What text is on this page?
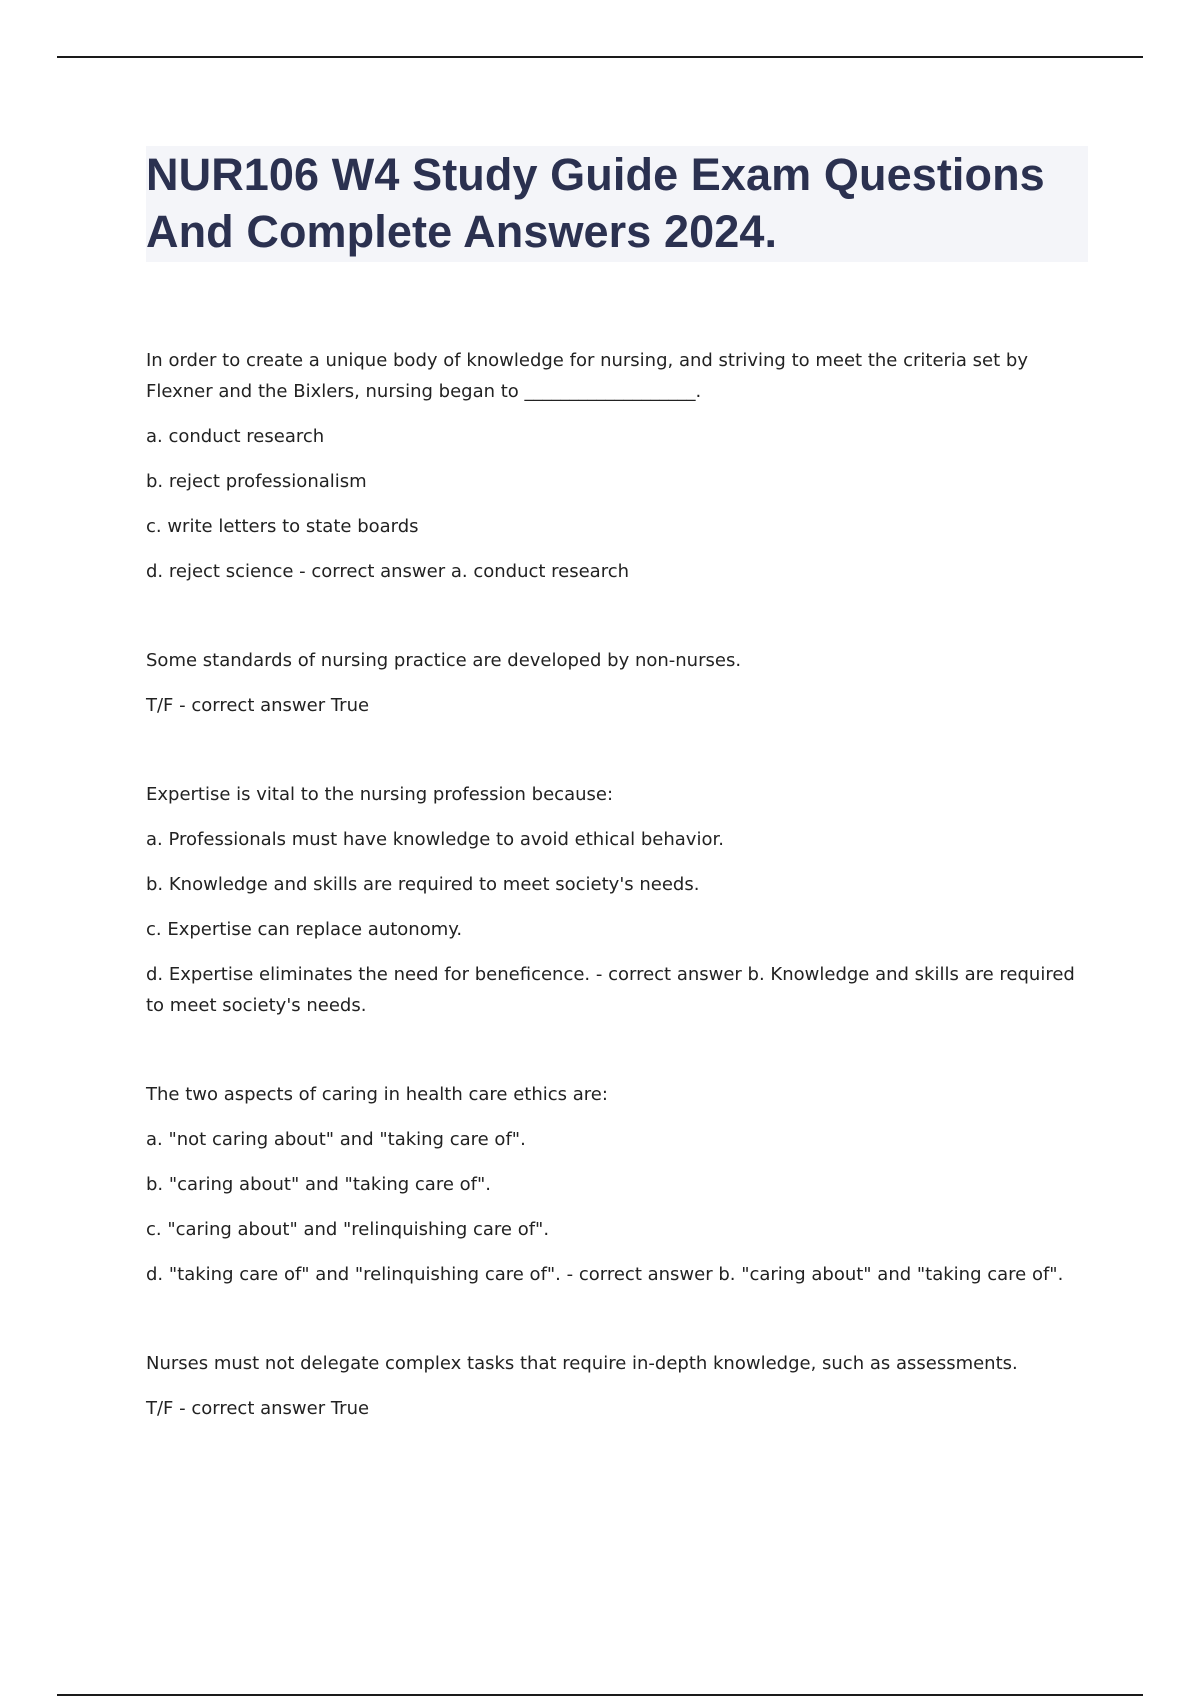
NUR106 W4 Study Guide Exam Questions And Complete Answers 2024.

In order to create a unique body of knowledge for nursing, and striving to meet the criteria set by Flexner and the Bixlers, nursing began to ___________________.

a. conduct research

b. reject professionalism

c. write letters to state boards

d. reject science - correct answer a. conduct research

Some standards of nursing practice are developed by non-nurses.

T/F - correct answer True

Expertise is vital to the nursing profession because:

a. Professionals must have knowledge to avoid ethical behavior.

b. Knowledge and skills are required to meet society's needs.

c. Expertise can replace autonomy.

d. Expertise eliminates the need for beneficence. - correct answer b. Knowledge and skills are required to meet society's needs.

The two aspects of caring in health care ethics are:

a. "not caring about" and "taking care of".

b. "caring about" and "taking care of".

c. "caring about" and "relinquishing care of".

d. "taking care of" and "relinquishing care of". - correct answer b. "caring about" and "taking care of".

Nurses must not delegate complex tasks that require in-depth knowledge, such as assessments.

T/F - correct answer True
